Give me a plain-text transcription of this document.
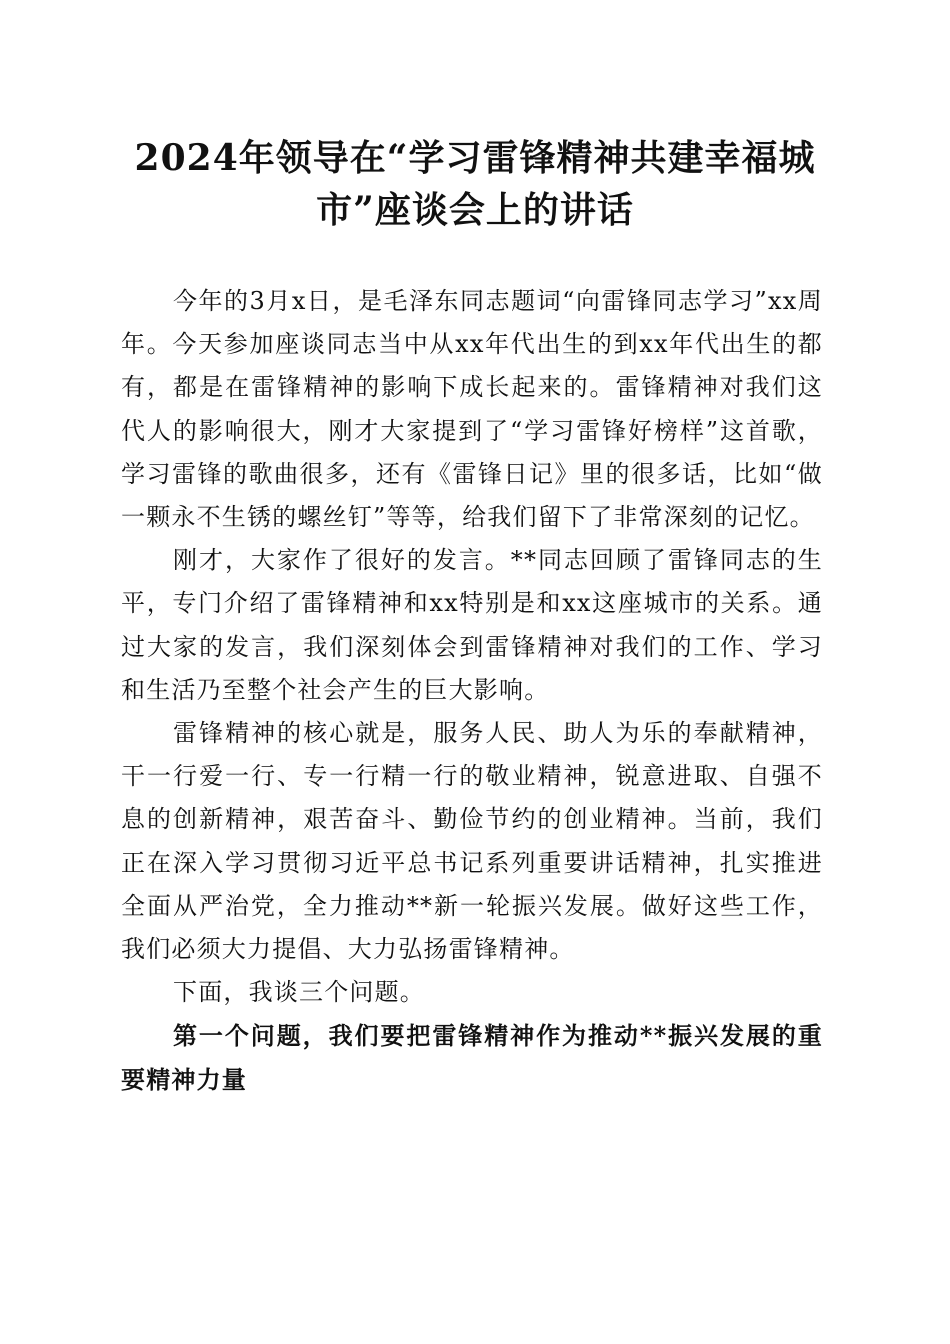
2024年领导在“学习雷锋精神共建幸福城
市”座谈会上的讲话

今年的3月x日，是毛泽东同志题词“向雷锋同志学习”xx周年。今天参加座谈同志当中从xx年代出生的到xx年代出生的都有，都是在雷锋精神的影响下成长起来的。雷锋精神对我们这代人的影响很大，刚才大家提到了“学习雷锋好榜样”这首歌，学习雷锋的歌曲很多，还有《雷锋日记》里的很多话，比如“做一颗永不生锈的螺丝钉”等等，给我们留下了非常深刻的记忆。

刚才，大家作了很好的发言。**同志回顾了雷锋同志的生平，专门介绍了雷锋精神和xx特别是和xx这座城市的关系。通过大家的发言，我们深刻体会到雷锋精神对我们的工作、学习和生活乃至整个社会产生的巨大影响。

雷锋精神的核心就是，服务人民、助人为乐的奉献精神，干一行爱一行、专一行精一行的敬业精神，锐意进取、自强不息的创新精神，艰苦奋斗、勤俭节约的创业精神。当前，我们正在深入学习贯彻习近平总书记系列重要讲话精神，扎实推进全面从严治党，全力推动**新一轮振兴发展。做好这些工作，我们必须大力提倡、大力弘扬雷锋精神。

下面，我谈三个问题。

第一个问题，我们要把雷锋精神作为推动**振兴发展的重要精神力量
